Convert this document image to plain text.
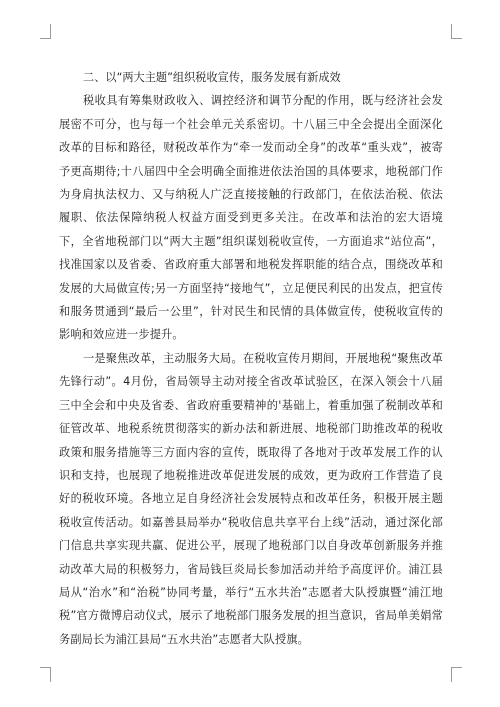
二、以“两大主题”组织税收宣传，服务发展有新成效

税收具有筹集财政收入、调控经济和调节分配的作用，既与经济社会发展密不可分，也与每一个社会单元关系密切。十八届三中全会提出全面深化改革的目标和路径，财税改革作为“牵一发而动全身”的改革“重头戏”，被寄予更高期待;十八届四中全会明确全面推进依法治国的具体要求，地税部门作为身肩执法权力、又与纳税人广泛直接接触的行政部门，在依法治税、依法履职、依法保障纳税人权益方面受到更多关注。在改革和法治的宏大语境下，全省地税部门以“两大主题”组织谋划税收宣传，一方面追求“站位高”，找准国家以及省委、省政府重大部署和地税发挥职能的结合点，围绕改革和发展的大局做宣传;另一方面坚持“接地气”，立足便民利民的出发点，把宣传和服务贯通到“最后一公里”，针对民生和民情的具体做宣传，使税收宣传的影响和效应进一步提升。

一是聚焦改革，主动服务大局。在税收宣传月期间，开展地税“聚焦改革先锋行动”。4月份，省局领导主动对接全省改革试验区，在深入领会十八届三中全会和中央及省委、省政府重要精神的'基础上，着重加强了税制改革和征管改革、地税系统贯彻落实的新办法和新进展、地税部门助推改革的税收政策和服务措施等三方面内容的宣传，既取得了各地对于改革发展工作的认识和支持，也展现了地税推进改革促进发展的成效，更为政府工作营造了良好的税收环境。各地立足自身经济社会发展特点和改革任务，积极开展主题税收宣传活动。如嘉善县局举办“税收信息共享平台上线”活动，通过深化部门信息共享实现共赢、促进公平，展现了地税部门以自身改革创新服务并推动改革大局的积极努力，省局钱巨炎局长参加活动并给予高度评价。浦江县局从“治水”和“治税”协同考量，举行“五水共治”志愿者大队授旗暨“浦江地税”官方微博启动仪式，展示了地税部门服务发展的担当意识，省局单美娟常务副局长为浦江县局“五水共治”志愿者大队授旗。
